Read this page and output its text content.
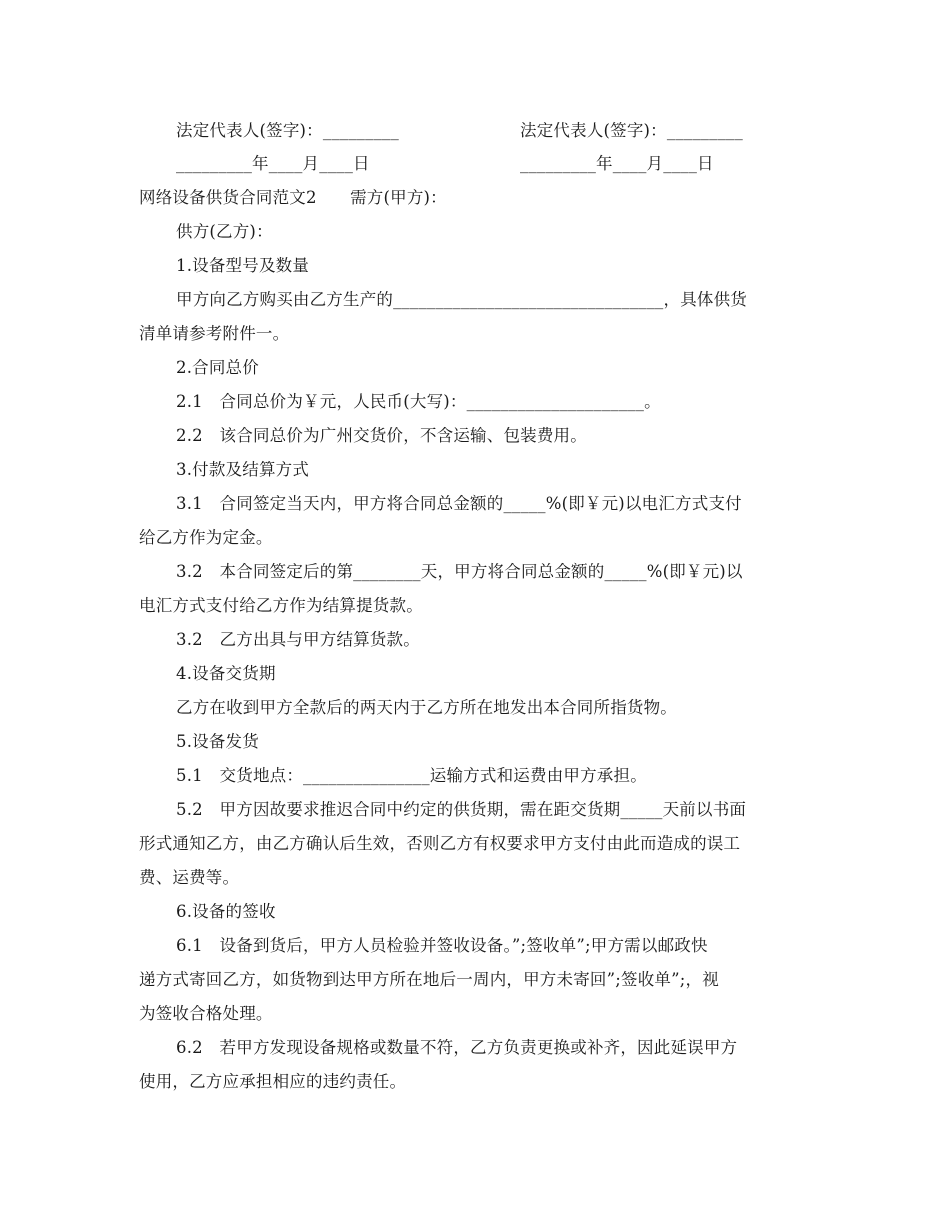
法定代表人(签字)：_________	法定代表人(签字)：_________
_________年____月____日	_________年____月____日
网络设备供货合同范文2　　需方(甲方)：
供方(乙方)：
1.设备型号及数量
甲方向乙方购买由乙方生产的________________________________，具体供货
清单请参考附件一。
2.合同总价
2.1　合同总价为￥元，人民币(大写)：_____________________。
2.2　该合同总价为广州交货价，不含运输、包装费用。
3.付款及结算方式
3.1　合同签定当天内，甲方将合同总金额的_____%(即￥元)以电汇方式支付
给乙方作为定金。
3.2　本合同签定后的第________天，甲方将合同总金额的_____%(即￥元)以
电汇方式支付给乙方作为结算提货款。
3.2　乙方出具与甲方结算货款。
4.设备交货期
乙方在收到甲方全款后的两天内于乙方所在地发出本合同所指货物。
5.设备发货
5.1　交货地点：_______________运输方式和运费由甲方承担。
5.2　甲方因故要求推迟合同中约定的供货期，需在距交货期_____天前以书面
形式通知乙方，由乙方确认后生效，否则乙方有权要求甲方支付由此而造成的误工
费、运费等。
6.设备的签收
6.1　设备到货后，甲方人员检验并签收设备。”;签收单”;甲方需以邮政快
递方式寄回乙方，如货物到达甲方所在地后一周内，甲方未寄回”;签收单”;，视
为签收合格处理。
6.2　若甲方发现设备规格或数量不符，乙方负责更换或补齐，因此延误甲方
使用，乙方应承担相应的违约责任。
